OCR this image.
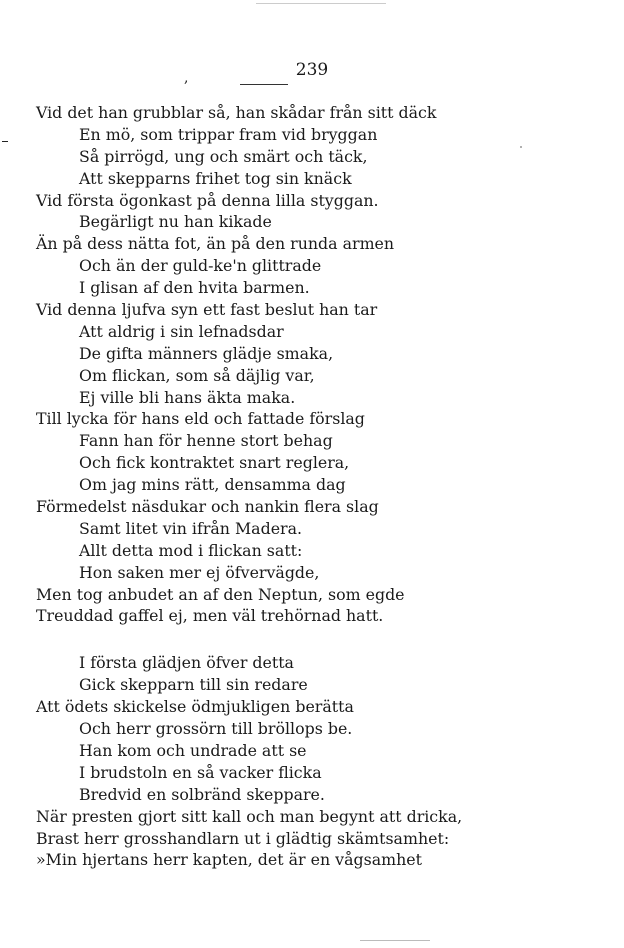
,	239
Vid det han grubblar så, han skådar från sitt däck
En mö, som trippar fram vid bryggan
Så pirrögd, ung och smärt och täck,
Att skepparns frihet tog sin knäck
Vid första ögonkast på denna lilla styggan.
Begärligt nu han kikade
Än på dess nätta fot, än på den runda armen
Och än der guld-ke'n glittrade
I glisan af den hvita barmen.
Vid denna ljufva syn ett fast beslut han tar
Att aldrig i sin lefnadsdar
De gifta männers glädje smaka,
Om flickan, som så däjlig var,
Ej ville bli hans äkta maka.
Till lycka för hans eld och fattade förslag
Fann han för henne stort behag
Och fick kontraktet snart reglera,
Om jag mins rätt, densamma dag
Förmedelst näsdukar och nankin flera slag
Samt litet vin ifrån Madera.
Allt detta mod i flickan satt:
Hon saken mer ej öfvervägde,
Men tog anbudet an af den Neptun, som egde
Treuddad gaffel ej, men väl trehörnad hatt.
I första glädjen öfver detta
Gick skepparn till sin redare
Att ödets skickelse ödmjukligen berätta
Och herr grossörn till bröllops be.
Han kom och undrade att se
I brudstoln en så vacker flicka
Bredvid en solbränd skeppare.
När presten gjort sitt kall och man begynt att dricka,
Brast herr grosshandlarn ut i glädtig skämtsamhet:
»Min hjertans herr kapten, det är en vågsamhet
